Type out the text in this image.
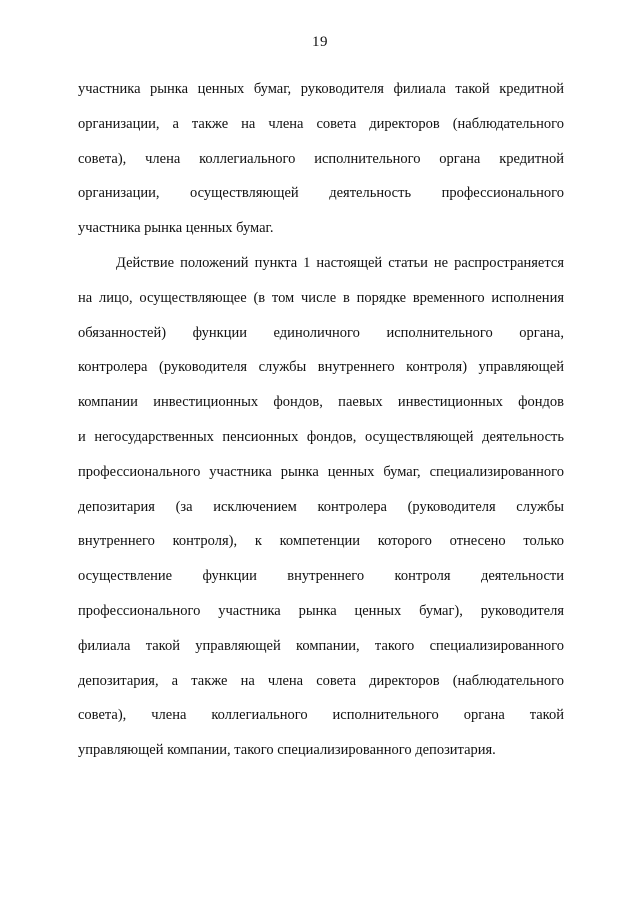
19
участника рынка ценных бумаг, руководителя филиала такой кредитной
организации, а также на члена совета директоров (наблюдательного
совета), члена коллегиального исполнительного органа кредитной
организации, осуществляющей деятельность профессионального
участника рынка ценных бумаг.
Действие положений пункта 1 настоящей статьи не распространяется
на лицо, осуществляющее (в том числе в порядке временного исполнения
обязанностей) функции единоличного исполнительного органа,
контролера (руководителя службы внутреннего контроля) управляющей
компании инвестиционных фондов, паевых инвестиционных фондов
и негосударственных пенсионных фондов, осуществляющей деятельность
профессионального участника рынка ценных бумаг, специализированного
депозитария (за исключением контролера (руководителя службы
внутреннего контроля), к компетенции которого отнесено только
осуществление функции внутреннего контроля деятельности
профессионального участника рынка ценных бумаг), руководителя
филиала такой управляющей компании, такого специализированного
депозитария, а также на члена совета директоров (наблюдательного
совета), члена коллегиального исполнительного органа такой
управляющей компании, такого специализированного депозитария.
